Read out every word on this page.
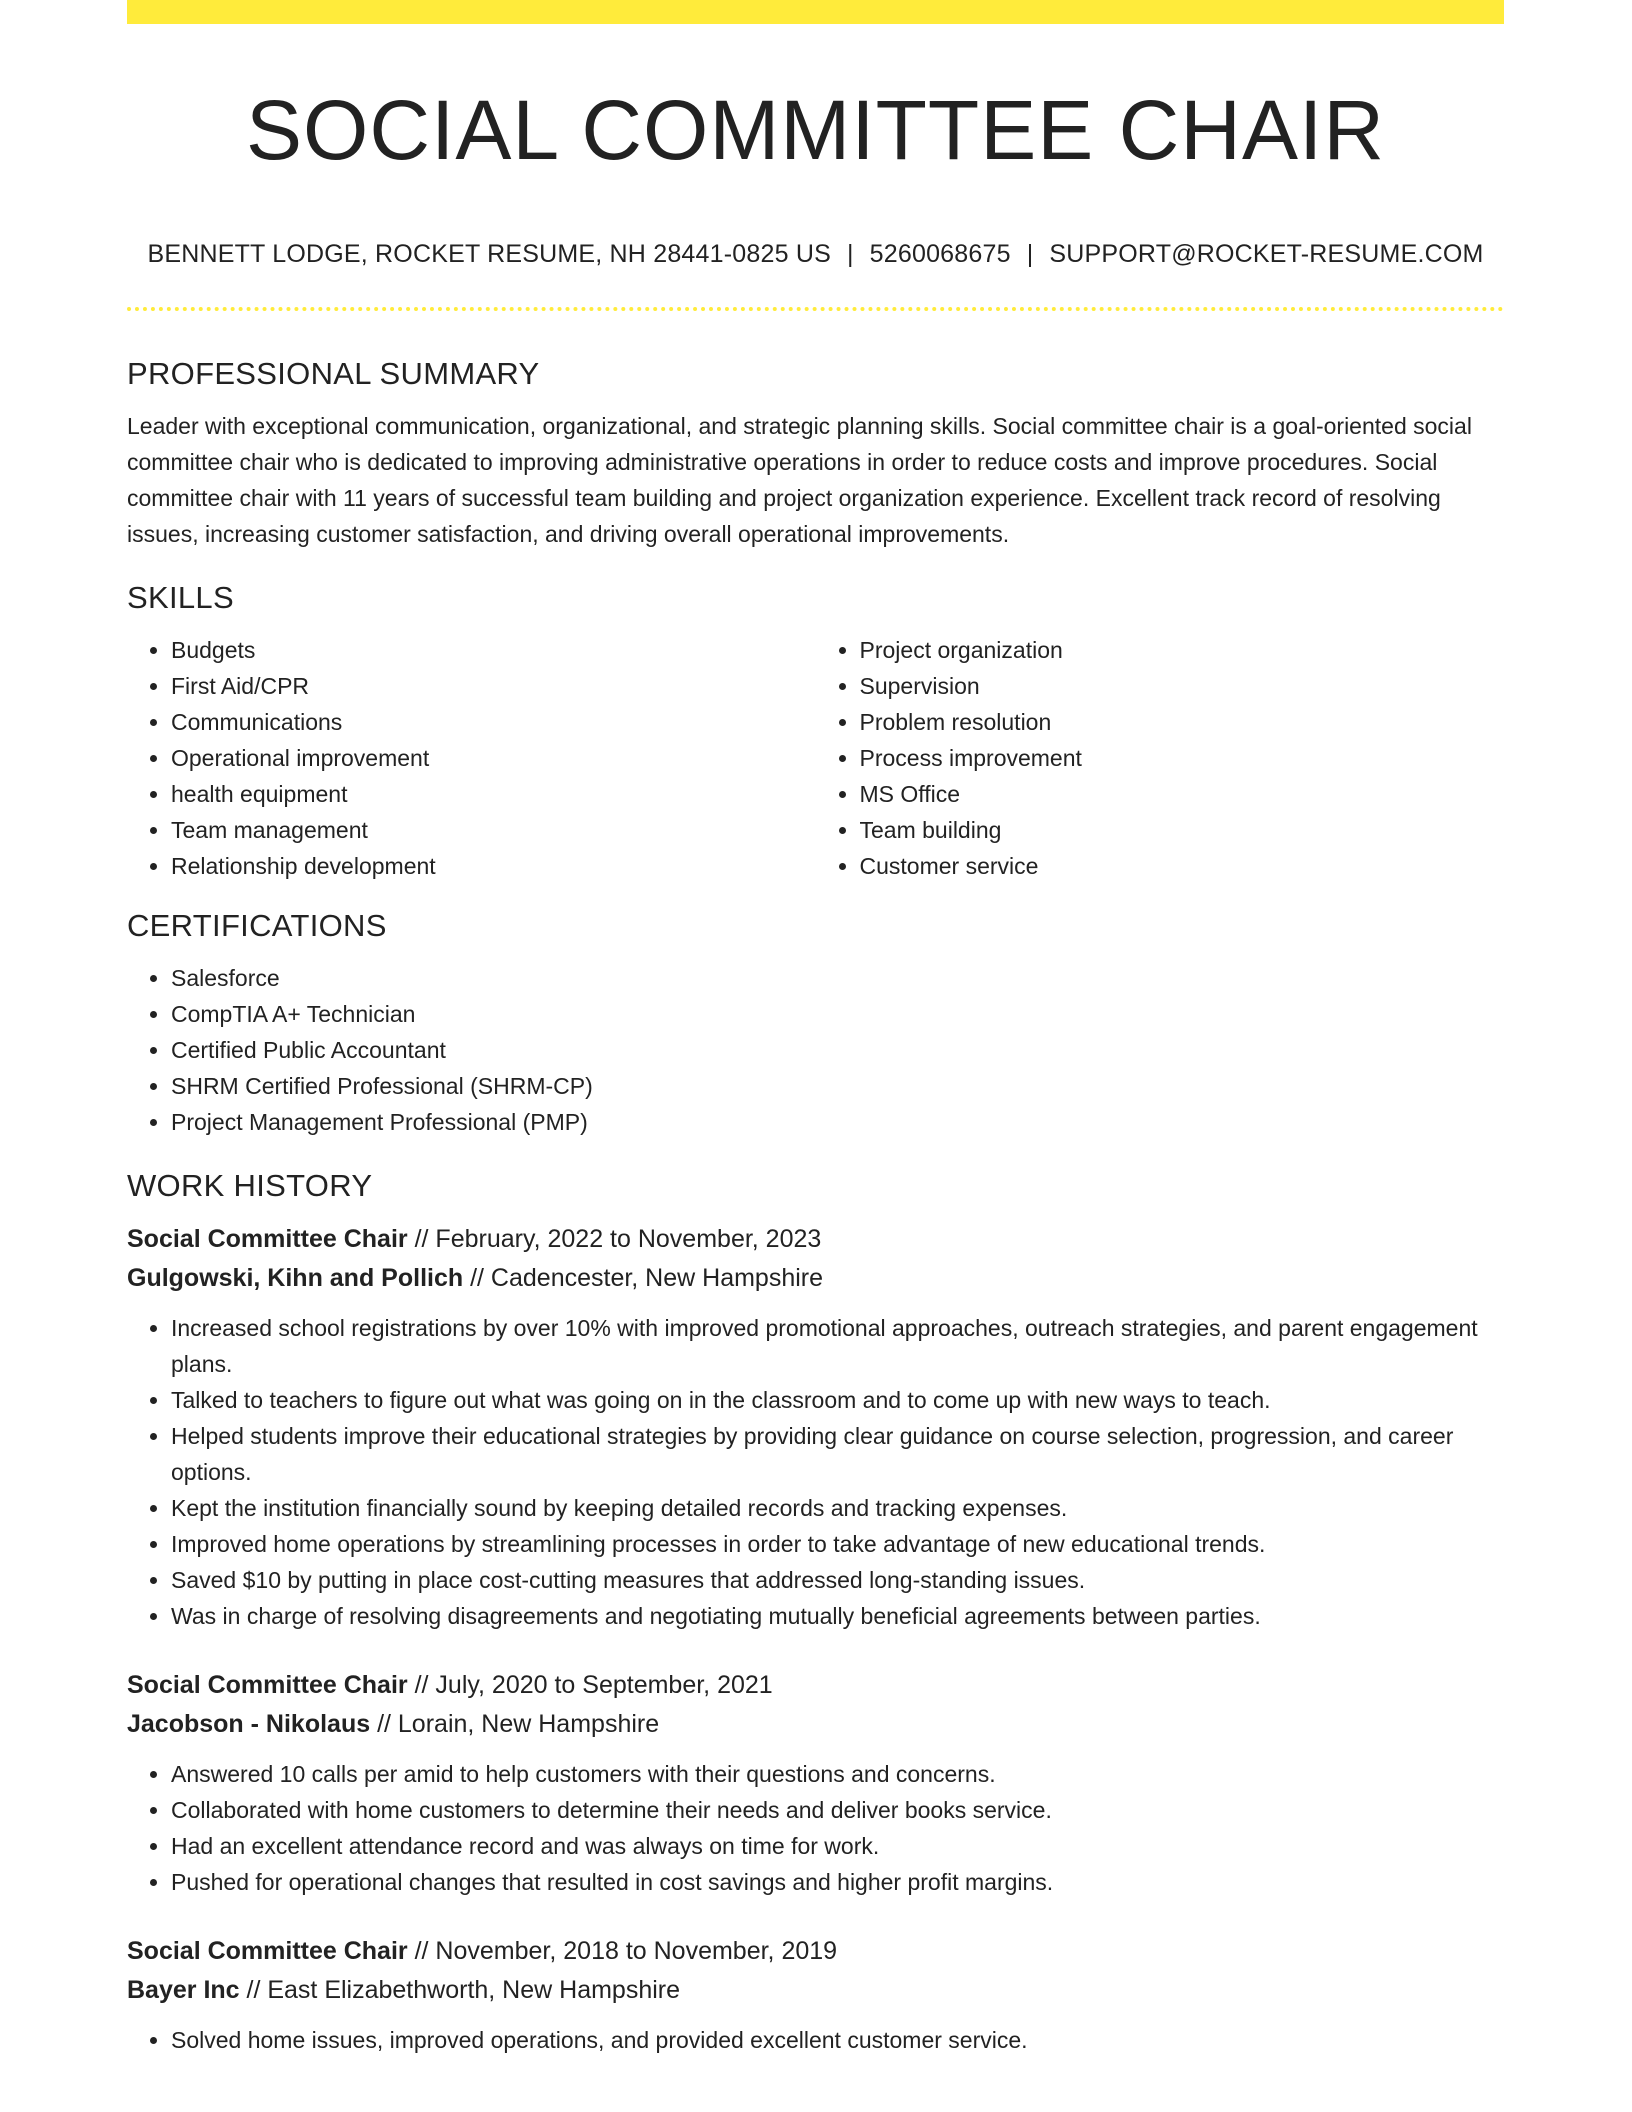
SOCIAL COMMITTEE CHAIR
BENNETT LODGE, ROCKET RESUME, NH 28441-0825 US | 5260068675 | SUPPORT@ROCKET-RESUME.COM
PROFESSIONAL SUMMARY

Leader with exceptional communication, organizational, and strategic planning skills. Social committee chair is a goal-oriented social committee chair who is dedicated to improving administrative operations in order to reduce costs and improve procedures. Social committee chair with 11 years of successful team building and project organization experience. Excellent track record of resolving issues, increasing customer satisfaction, and driving overall operational improvements.

SKILLS
• Budgets
• First Aid/CPR
• Communications
• Operational improvement
• health equipment
• Team management
• Relationship development
• Project organization
• Supervision
• Problem resolution
• Process improvement
• MS Office
• Team building
• Customer service
CERTIFICATIONS
• Salesforce
• CompTIA A+ Technician
• Certified Public Accountant
• SHRM Certified Professional (SHRM-CP)
• Project Management Professional (PMP)
WORK HISTORY
Social Committee Chair // February, 2022 to November, 2023
Gulgowski, Kihn and Pollich // Cadencester, New Hampshire
• Increased school registrations by over 10% with improved promotional approaches, outreach strategies, and parent engagement plans.
• Talked to teachers to figure out what was going on in the classroom and to come up with new ways to teach.
• Helped students improve their educational strategies by providing clear guidance on course selection, progression, and career options.
• Kept the institution financially sound by keeping detailed records and tracking expenses.
• Improved home operations by streamlining processes in order to take advantage of new educational trends.
• Saved $10 by putting in place cost-cutting measures that addressed long-standing issues.
• Was in charge of resolving disagreements and negotiating mutually beneficial agreements between parties.
Social Committee Chair // July, 2020 to September, 2021
Jacobson - Nikolaus // Lorain, New Hampshire
• Answered 10 calls per amid to help customers with their questions and concerns.
• Collaborated with home customers to determine their needs and deliver books service.
• Had an excellent attendance record and was always on time for work.
• Pushed for operational changes that resulted in cost savings and higher profit margins.
Social Committee Chair // November, 2018 to November, 2019
Bayer Inc // East Elizabethworth, New Hampshire
• Solved home issues, improved operations, and provided excellent customer service.
